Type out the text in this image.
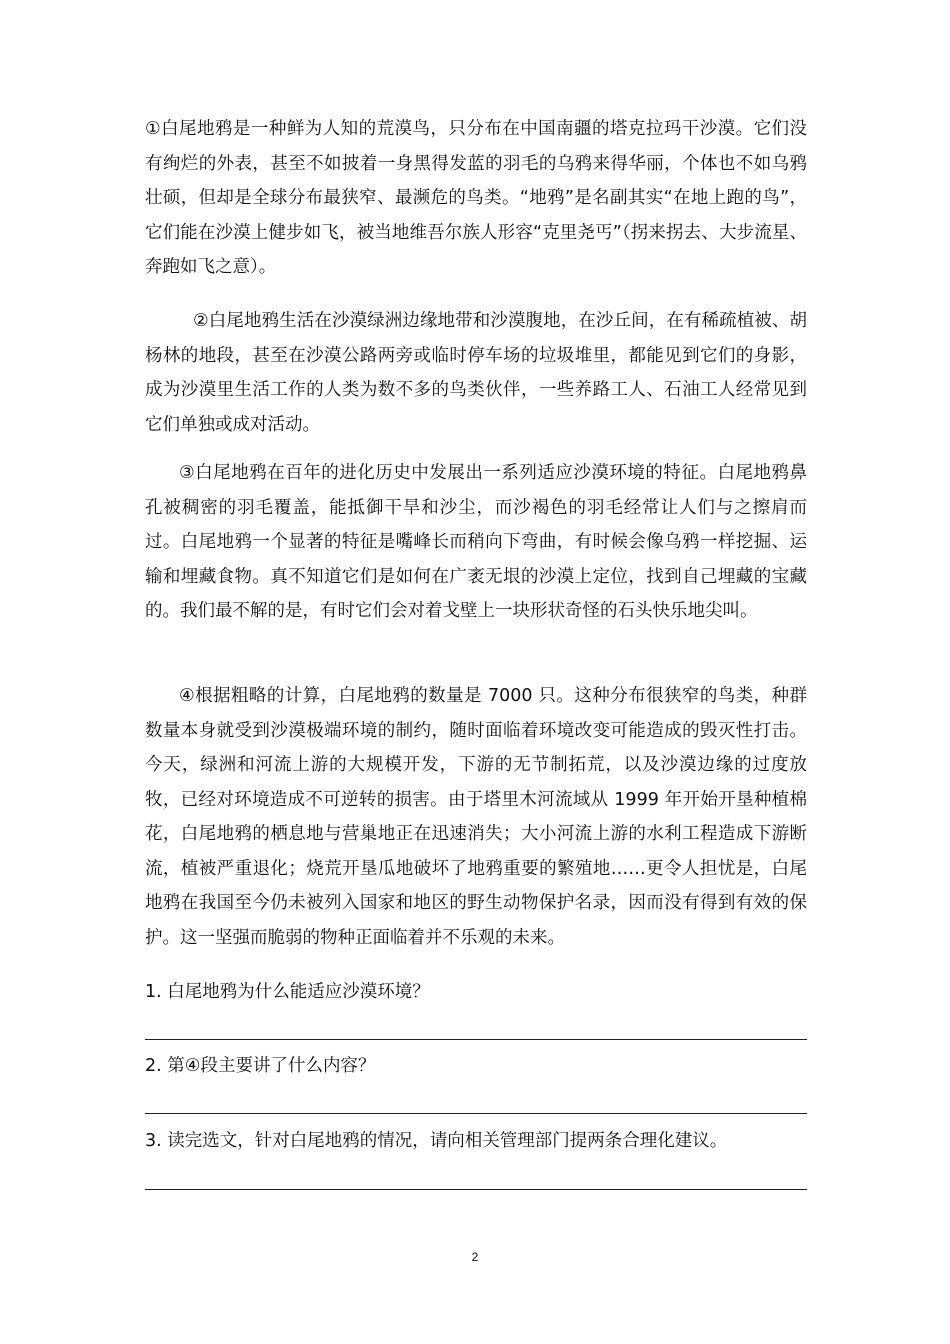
①白尾地鸦是一种鲜为人知的荒漠鸟，只分布在中国南疆的塔克拉玛干沙漠。它们没有绚烂的外表，甚至不如披着一身黑得发蓝的羽毛的乌鸦来得华丽，个体也不如乌鸦壮硕，但却是全球分布最狭窄、最濒危的鸟类。“地鸦”是名副其实“在地上跑的鸟”，它们能在沙漠上健步如飞，被当地维吾尔族人形容“克里尧丐”（拐来拐去、大步流星、奔跑如飞之意）。

②白尾地鸦生活在沙漠绿洲边缘地带和沙漠腹地，在沙丘间，在有稀疏植被、胡杨林的地段，甚至在沙漠公路两旁或临时停车场的垃圾堆里，都能见到它们的身影，成为沙漠里生活工作的人类为数不多的鸟类伙伴，一些养路工人、石油工人经常见到它们单独或成对活动。

③白尾地鸦在百年的进化历史中发展出一系列适应沙漠环境的特征。白尾地鸦鼻孔被稠密的羽毛覆盖，能抵御干旱和沙尘，而沙褐色的羽毛经常让人们与之擦肩而过。白尾地鸦一个显著的特征是嘴峰长而稍向下弯曲，有时候会像乌鸦一样挖掘、运输和埋藏食物。真不知道它们是如何在广袤无垠的沙漠上定位，找到自己埋藏的宝藏的。我们最不解的是，有时它们会对着戈壁上一块形状奇怪的石头快乐地尖叫。

④根据粗略的计算，白尾地鸦的数量是 7000 只。这种分布很狭窄的鸟类，种群数量本身就受到沙漠极端环境的制约，随时面临着环境改变可能造成的毁灭性打击。今天，绿洲和河流上游的大规模开发，下游的无节制拓荒，以及沙漠边缘的过度放牧，已经对环境造成不可逆转的损害。由于塔里木河流域从 1999 年开始开垦种植棉花，白尾地鸦的栖息地与营巢地正在迅速消失；大小河流上游的水利工程造成下游断流，植被严重退化；烧荒开垦瓜地破坏了地鸦重要的繁殖地……更令人担忧是，白尾地鸦在我国至今仍未被列入国家和地区的野生动物保护名录，因而没有得到有效的保护。这一坚强而脆弱的物种正面临着并不乐观的未来。

1. 白尾地鸦为什么能适应沙漠环境？

2. 第④段主要讲了什么内容？

3. 读完选文，针对白尾地鸦的情况，请向相关管理部门提两条合理化建议。

2
